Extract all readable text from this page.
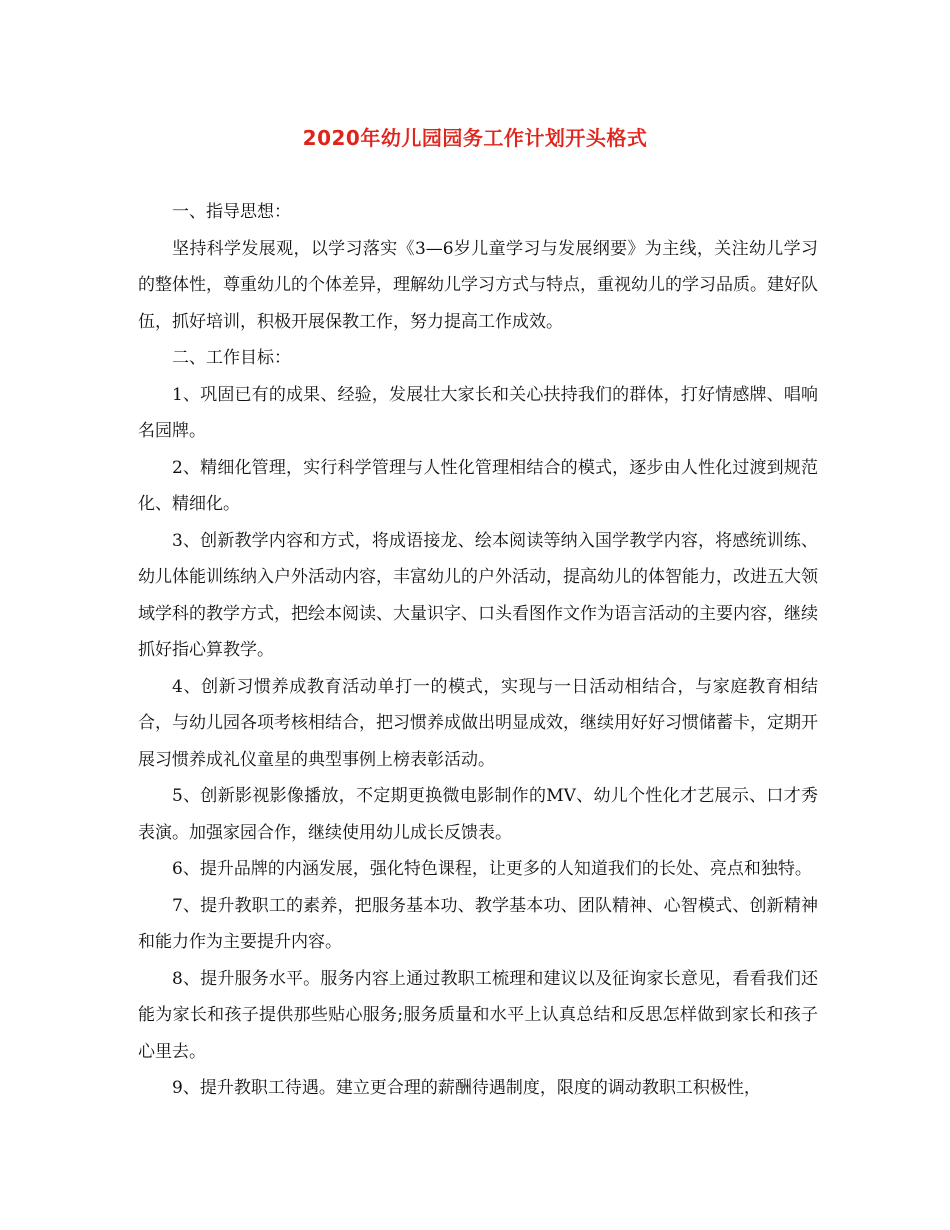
2020年幼儿园园务工作计划开头格式

一、指导思想：

坚持科学发展观，以学习落实《3—6岁儿童学习与发展纲要》为主线，关注幼儿学习的整体性，尊重幼儿的个体差异，理解幼儿学习方式与特点，重视幼儿的学习品质。建好队伍，抓好培训，积极开展保教工作，努力提高工作成效。

二、工作目标：

1、巩固已有的成果、经验，发展壮大家长和关心扶持我们的群体，打好情感牌、唱响名园牌。

2、精细化管理，实行科学管理与人性化管理相结合的模式，逐步由人性化过渡到规范化、精细化。

3、创新教学内容和方式，将成语接龙、绘本阅读等纳入国学教学内容，将感统训练、幼儿体能训练纳入户外活动内容，丰富幼儿的户外活动，提高幼儿的体智能力，改进五大领域学科的教学方式，把绘本阅读、大量识字、口头看图作文作为语言活动的主要内容，继续抓好指心算教学。

4、创新习惯养成教育活动单打一的模式，实现与一日活动相结合，与家庭教育相结合，与幼儿园各项考核相结合，把习惯养成做出明显成效，继续用好好习惯储蓄卡，定期开展习惯养成礼仪童星的典型事例上榜表彰活动。

5、创新影视影像播放，不定期更换微电影制作的MV、幼儿个性化才艺展示、口才秀表演。加强家园合作，继续使用幼儿成长反馈表。

6、提升品牌的内涵发展，强化特色课程，让更多的人知道我们的长处、亮点和独特。

7、提升教职工的素养，把服务基本功、教学基本功、团队精神、心智模式、创新精神和能力作为主要提升内容。

8、提升服务水平。服务内容上通过教职工梳理和建议以及征询家长意见，看看我们还能为家长和孩子提供那些贴心服务;服务质量和水平上认真总结和反思怎样做到家长和孩子心里去。

9、提升教职工待遇。建立更合理的薪酬待遇制度，限度的调动教职工积极性，
